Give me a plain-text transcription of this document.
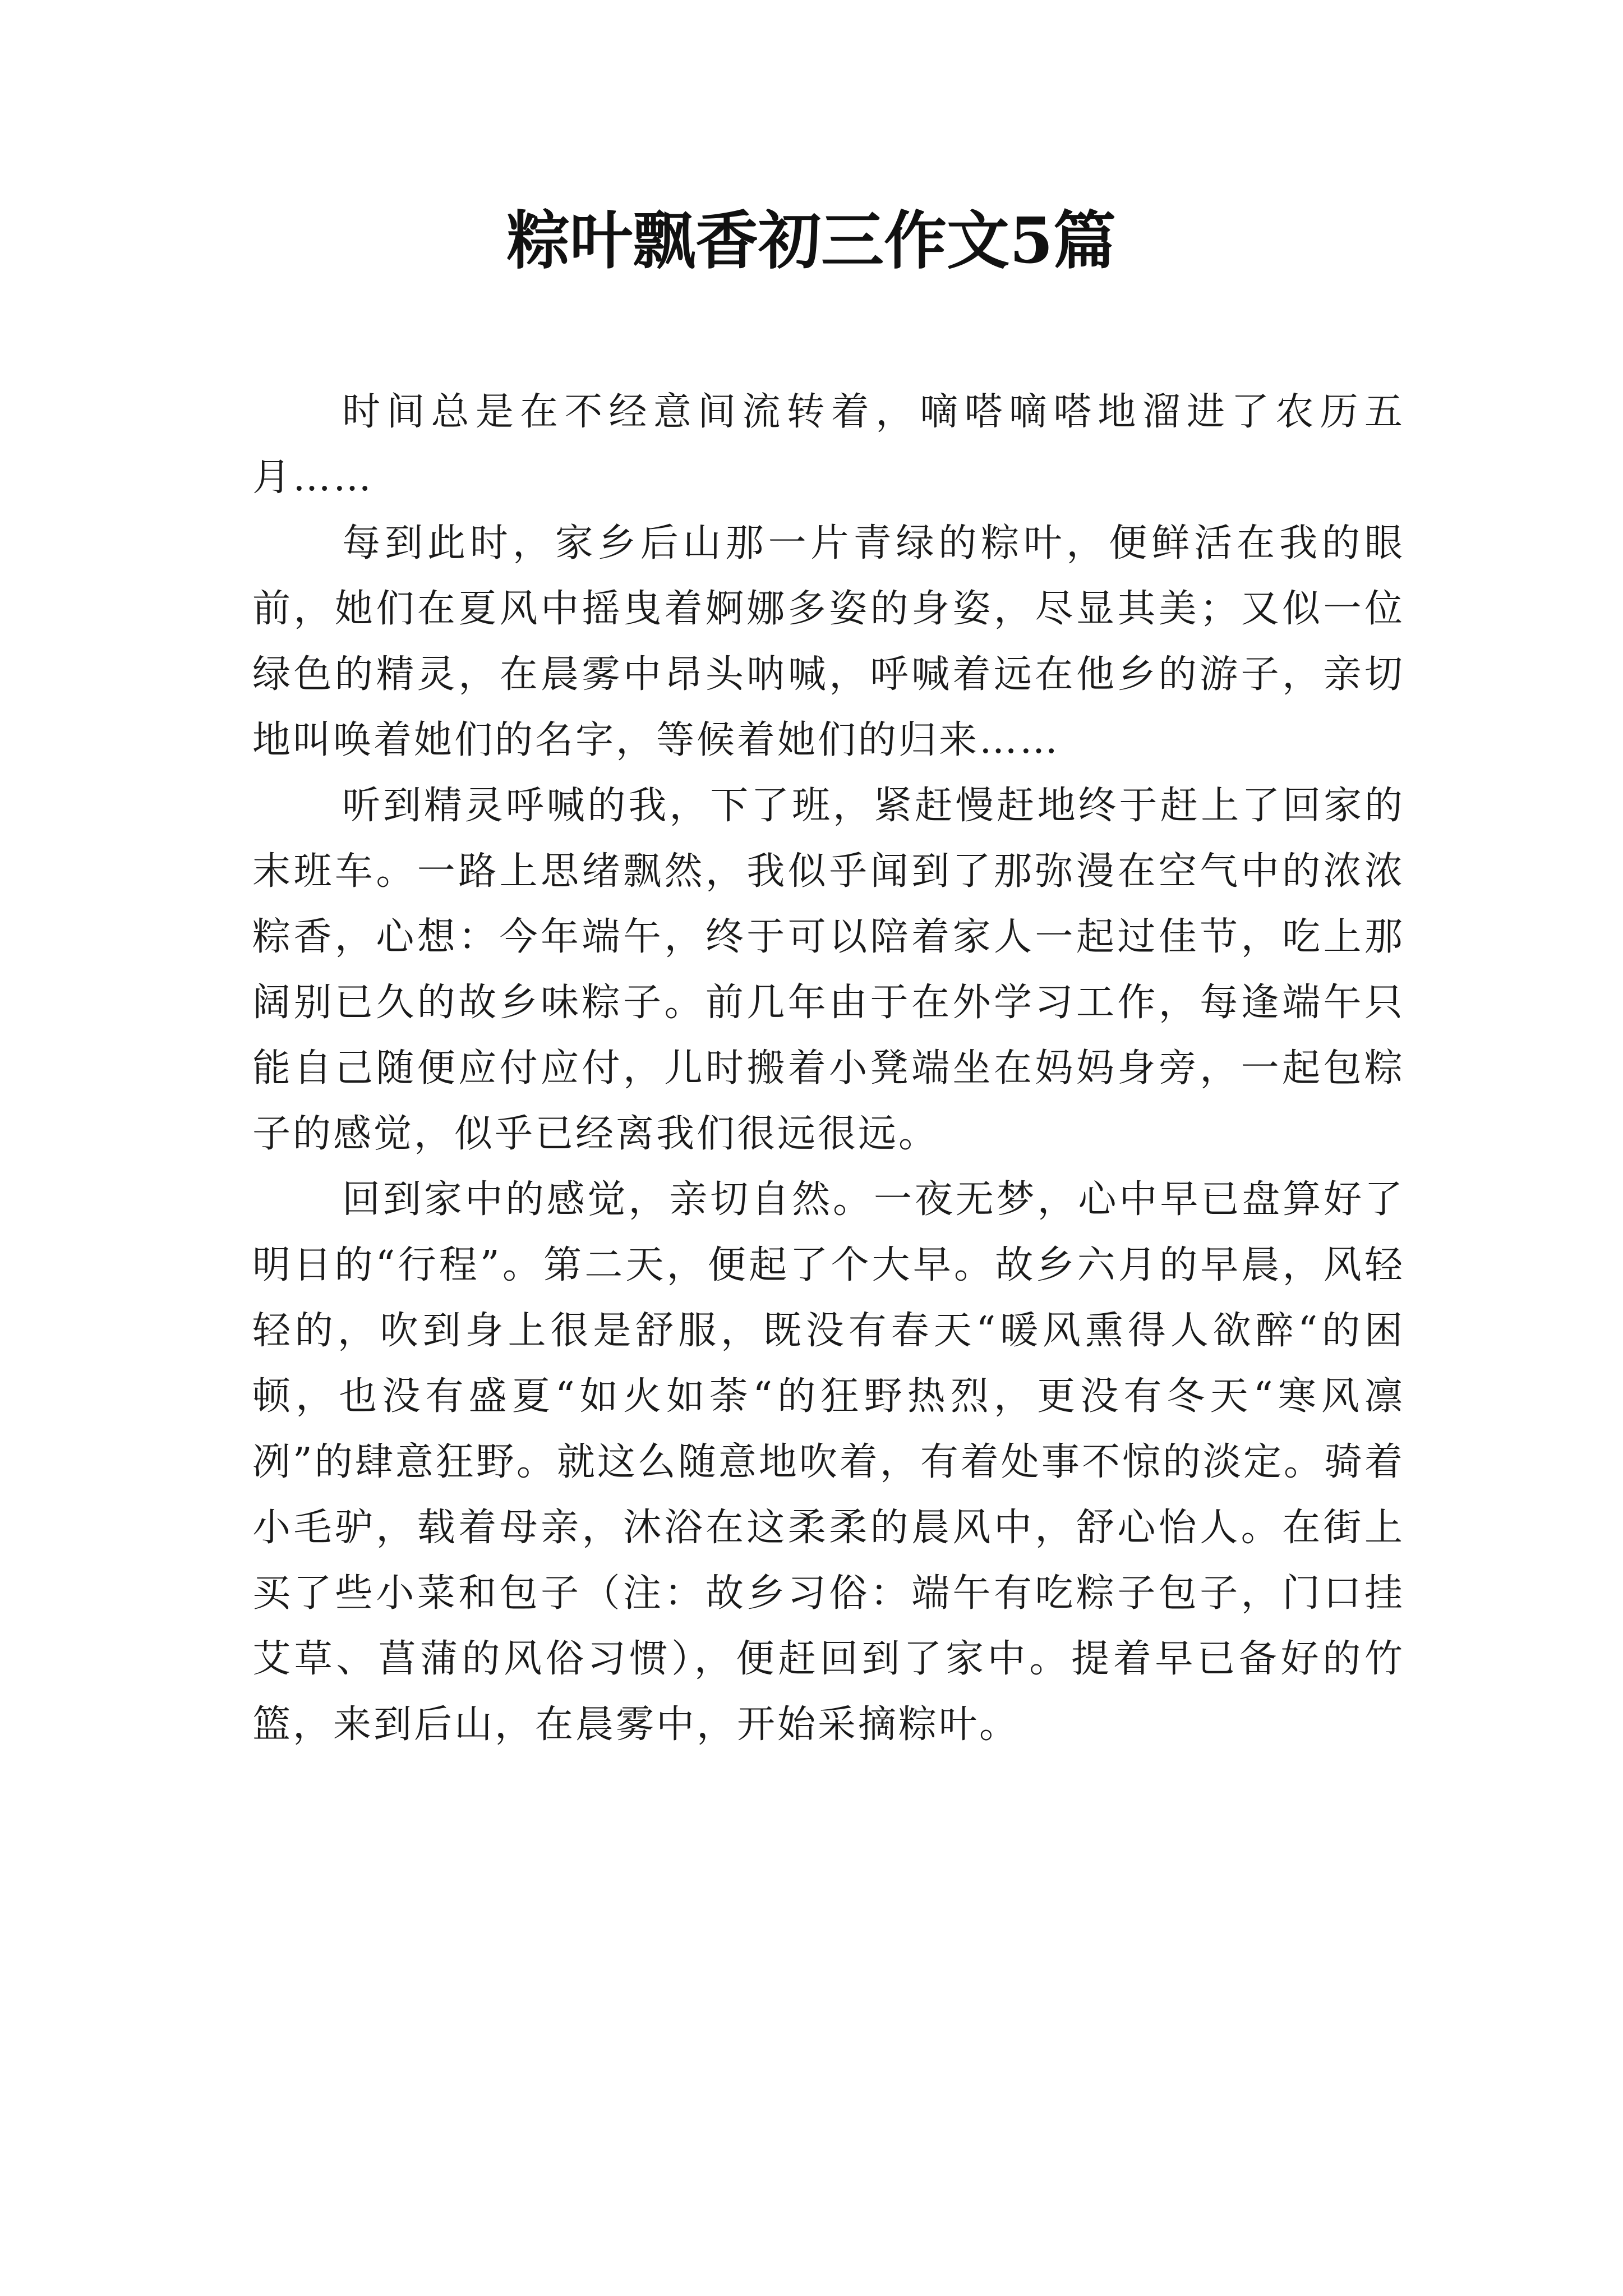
粽叶飘香初三作文5篇

时间总是在不经意间流转着，嘀嗒嘀嗒地溜进了农历五月……

每到此时，家乡后山那一片青绿的粽叶，便鲜活在我的眼前，她们在夏风中摇曳着婀娜多姿的身姿，尽显其美；又似一位绿色的精灵，在晨雾中昂头呐喊，呼喊着远在他乡的游子，亲切地叫唤着她们的名字，等候着她们的归来……

听到精灵呼喊的我，下了班，紧赶慢赶地终于赶上了回家的末班车。一路上思绪飘然，我似乎闻到了那弥漫在空气中的浓浓粽香，心想：今年端午，终于可以陪着家人一起过佳节，吃上那阔别已久的故乡味粽子。前几年由于在外学习工作，每逢端午只能自己随便应付应付，儿时搬着小凳端坐在妈妈身旁，一起包粽子的感觉，似乎已经离我们很远很远。

回到家中的感觉，亲切自然。一夜无梦，心中早已盘算好了明日的“行程”。第二天，便起了个大早。故乡六月的早晨，风轻轻的，吹到身上很是舒服，既没有春天“暖风熏得人欲醉“的困顿，也没有盛夏“如火如荼“的狂野热烈，更没有冬天“寒风凛冽”的肆意狂野。就这么随意地吹着，有着处事不惊的淡定。骑着小毛驴，载着母亲，沐浴在这柔柔的晨风中，舒心怡人。在街上买了些小菜和包子（注：故乡习俗：端午有吃粽子包子，门口挂艾草、菖蒲的风俗习惯），便赶回到了家中。提着早已备好的竹篮，来到后山，在晨雾中，开始采摘粽叶。
